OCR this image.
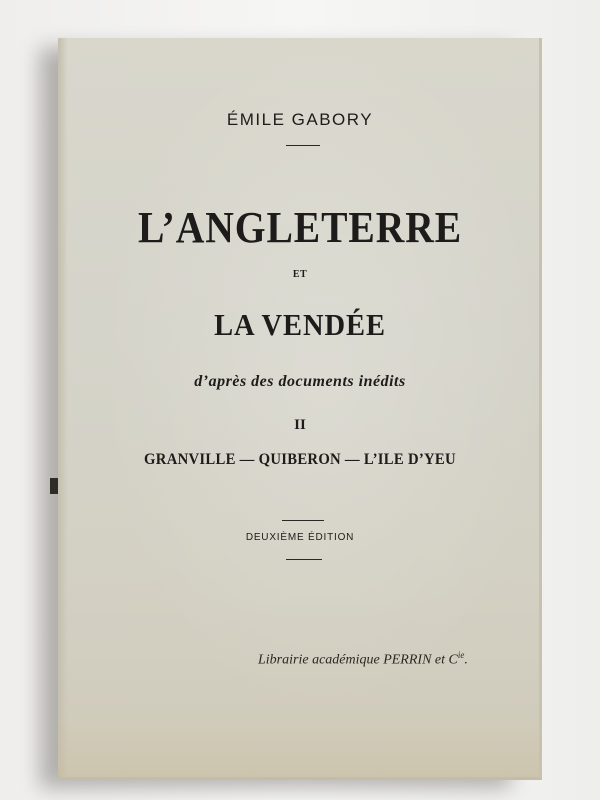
ÉMILE GABORY
L’ANGLETERRE
ET
LA VENDÉE
d’après des documents inédits
II
GRANVILLE — QUIBERON — L’ILE D’YEU
DEUXIÈME ÉDITION
Librairie académique PERRIN et $C^{ie}$.
